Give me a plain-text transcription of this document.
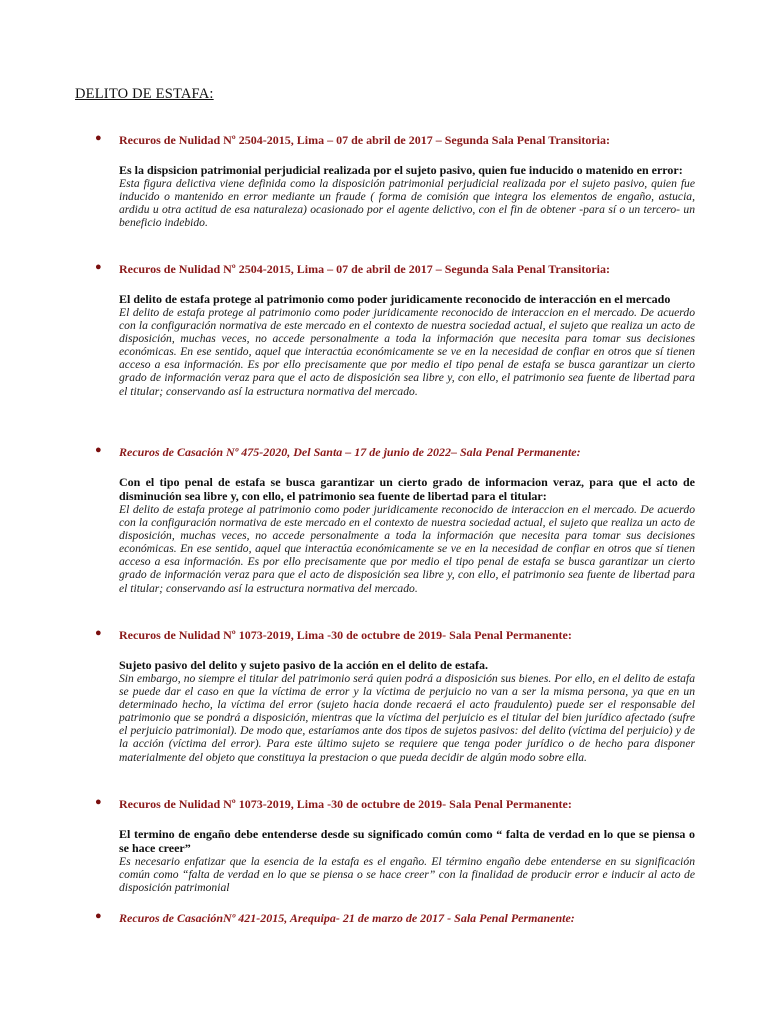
DELITO DE ESTAFA:
● Recuros de Nulidad Nº 2504-2015, Lima – 07 de abril de 2017 – Segunda Sala Penal Transitoria:
Es la dispsicion patrimonial perjudicial realizada por el sujeto pasivo, quien fue inducido o matenido en error:
Esta figura delictiva viene definida como la disposición patrimonial perjudicial realizada por el sujeto pasivo, quien fue inducido o mantenido en error mediante un fraude ( forma de comisión que integra los elementos de engaño, astucia, ardidu u otra actitud de esa naturaleza) ocasionado por el agente delictivo, con el fin de obtener -para sí o un tercero- un beneficio indebido.
● Recuros de Nulidad Nº 2504-2015, Lima – 07 de abril de 2017 – Segunda Sala Penal Transitoria:
El delito de estafa protege al patrimonio como poder juridicamente reconocido de interacción en el mercado
El delito de estafa protege al patrimonio como poder juridicamente reconocido de interaccion en el mercado. De acuerdo con la configuración normativa de este mercado en el contexto de nuestra sociedad actual, el sujeto que realiza un acto de disposición, muchas veces, no accede personalmente a toda la información que necesita para tomar sus decisiones económicas. En ese sentido, aquel que interactúa económicamente se ve en la necesidad de confiar en otros que sí tienen acceso a esa información. Es por ello precisamente que por medio el tipo penal de estafa se busca garantizar un cierto grado de información veraz para que el acto de disposición sea libre y, con ello, el patrimonio sea fuente de libertad para el titular; conservando así la estructura normativa del mercado.
● Recuros de Casación Nº 475-2020, Del Santa – 17 de junio de 2022– Sala Penal Permanente:
Con el tipo penal de estafa se busca garantizar un cierto grado de informacion veraz, para que el acto de disminución sea libre y, con ello, el patrimonio sea fuente de libertad para el titular:
El delito de estafa protege al patrimonio como poder juridicamente reconocido de interaccion en el mercado. De acuerdo con la configuración normativa de este mercado en el contexto de nuestra sociedad actual, el sujeto que realiza un acto de disposición, muchas veces, no accede personalmente a toda la información que necesita para tomar sus decisiones económicas. En ese sentido, aquel que interactúa económicamente se ve en la necesidad de confiar en otros que sí tienen acceso a esa información. Es por ello precisamente que por medio el tipo penal de estafa se busca garantizar un cierto grado de información veraz para que el acto de disposición sea libre y, con ello, el patrimonio sea fuente de libertad para el titular; conservando así la estructura normativa del mercado.
● Recuros de Nulidad Nº 1073-2019, Lima -30 de octubre de 2019- Sala Penal Permanente:
Sujeto pasivo del delito y sujeto pasivo de la acción en el delito de estafa.
Sin embargo, no siempre el titular del patrimonio será quien podrá a disposición sus bienes. Por ello, en el delito de estafa se puede dar el caso en que la víctima de error y la víctima de perjuicio no van a ser la misma persona, ya que en un determinado hecho, la víctima del error (sujeto hacia donde recaerá el acto fraudulento) puede ser el responsable del patrimonio que se pondrá a disposición, mientras que la víctima del perjuicio es el titular del bien jurídico afectado (sufre el perjuicio patrimonial). De modo que, estaríamos ante dos tipos de sujetos pasivos: del delito (víctima del perjuicio) y de la acción (víctima del error). Para este último sujeto se requiere que tenga poder jurídico o de hecho para disponer materialmente del objeto que constituya la prestacion o que pueda decidir de algún modo sobre ella.
● Recuros de Nulidad Nº 1073-2019, Lima -30 de octubre de 2019- Sala Penal Permanente:
El termino de engaño debe entenderse desde su significado común como “ falta de verdad en lo que se piensa o se hace creer”
Es necesario enfatizar que la esencia de la estafa es el engaño. El término engaño debe entenderse en su significación común como “falta de verdad en lo que se piensa o se hace creer” con la finalidad de producir error e inducir al acto de disposición patrimonial
● Recuros de CasaciónNº 421-2015, Arequipa- 21 de marzo de 2017 - Sala Penal Permanente:
